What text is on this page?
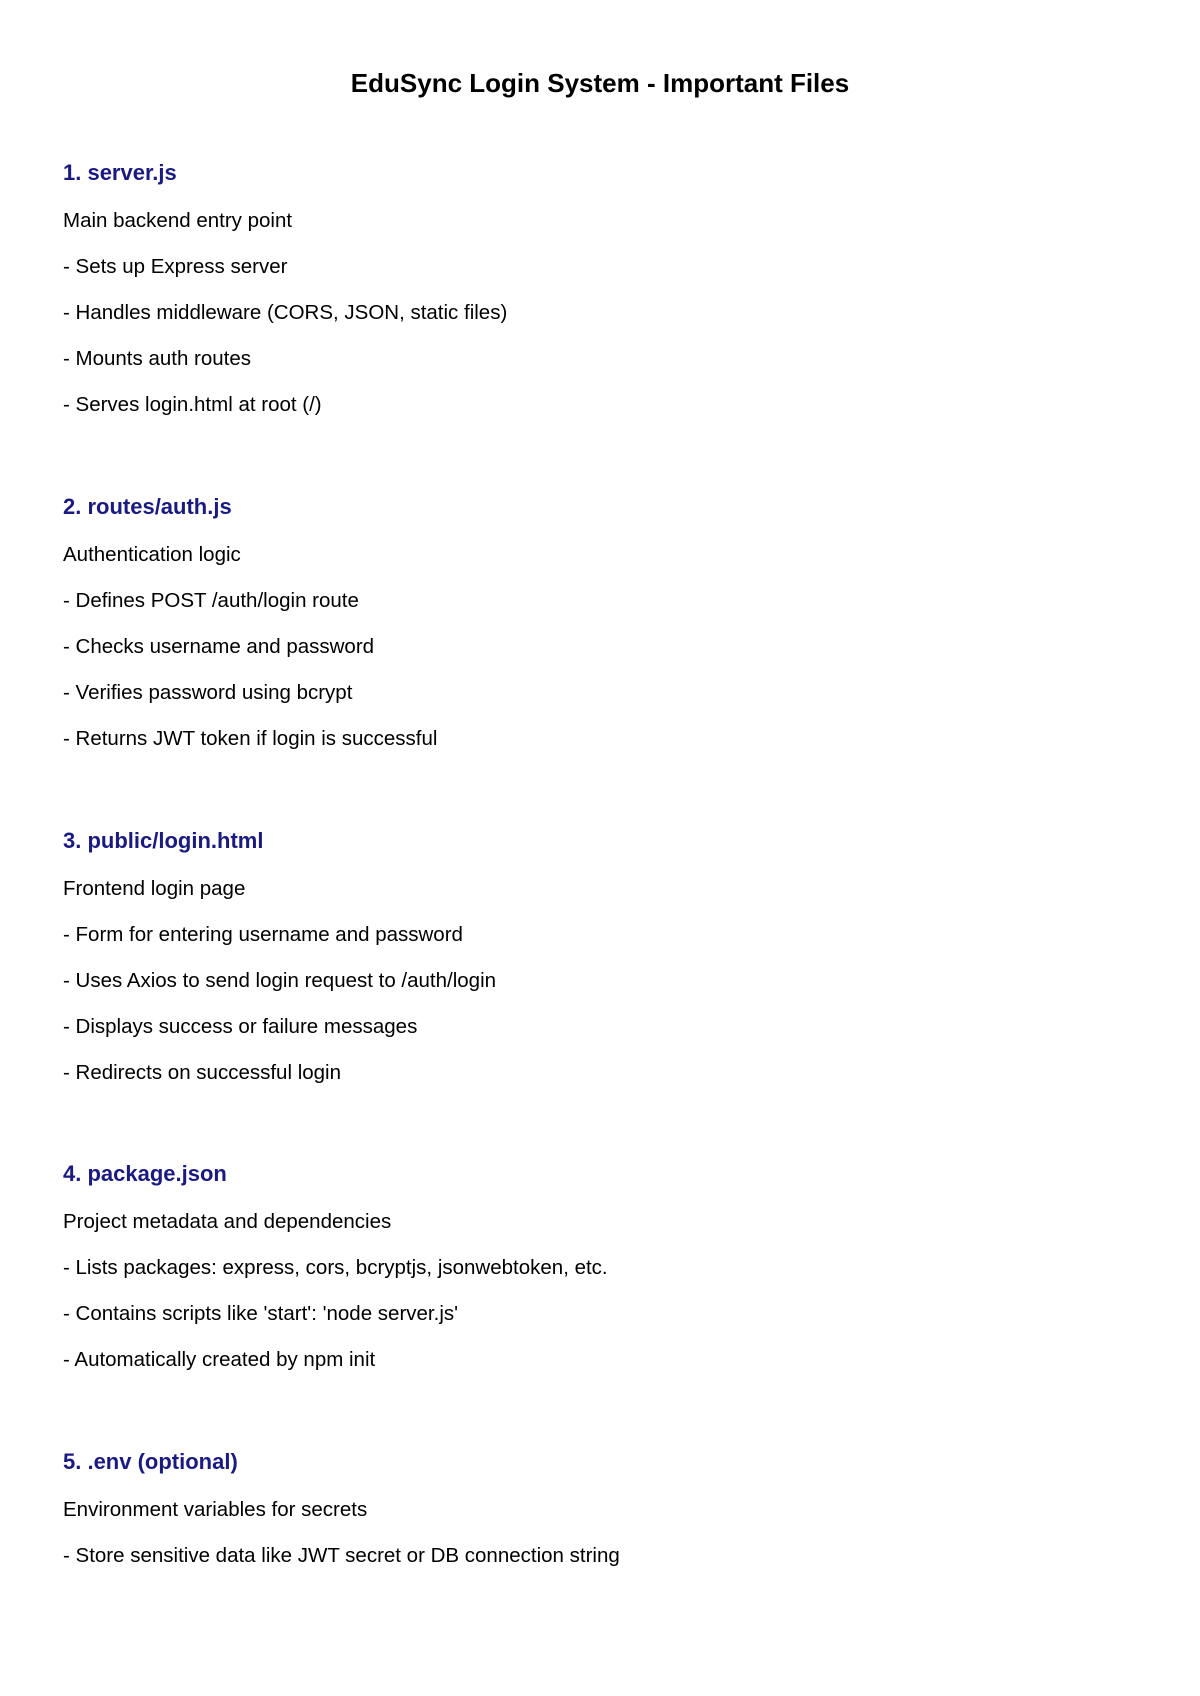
EduSync Login System - Important Files
1. server.js
Main backend entry point
- Sets up Express server
- Handles middleware (CORS, JSON, static files)
- Mounts auth routes
- Serves login.html at root (/)
2. routes/auth.js
Authentication logic
- Defines POST /auth/login route
- Checks username and password
- Verifies password using bcrypt
- Returns JWT token if login is successful
3. public/login.html
Frontend login page
- Form for entering username and password
- Uses Axios to send login request to /auth/login
- Displays success or failure messages
- Redirects on successful login
4. package.json
Project metadata and dependencies
- Lists packages: express, cors, bcryptjs, jsonwebtoken, etc.
- Contains scripts like 'start': 'node server.js'
- Automatically created by npm init
5. .env (optional)
Environment variables for secrets
- Store sensitive data like JWT secret or DB connection string
